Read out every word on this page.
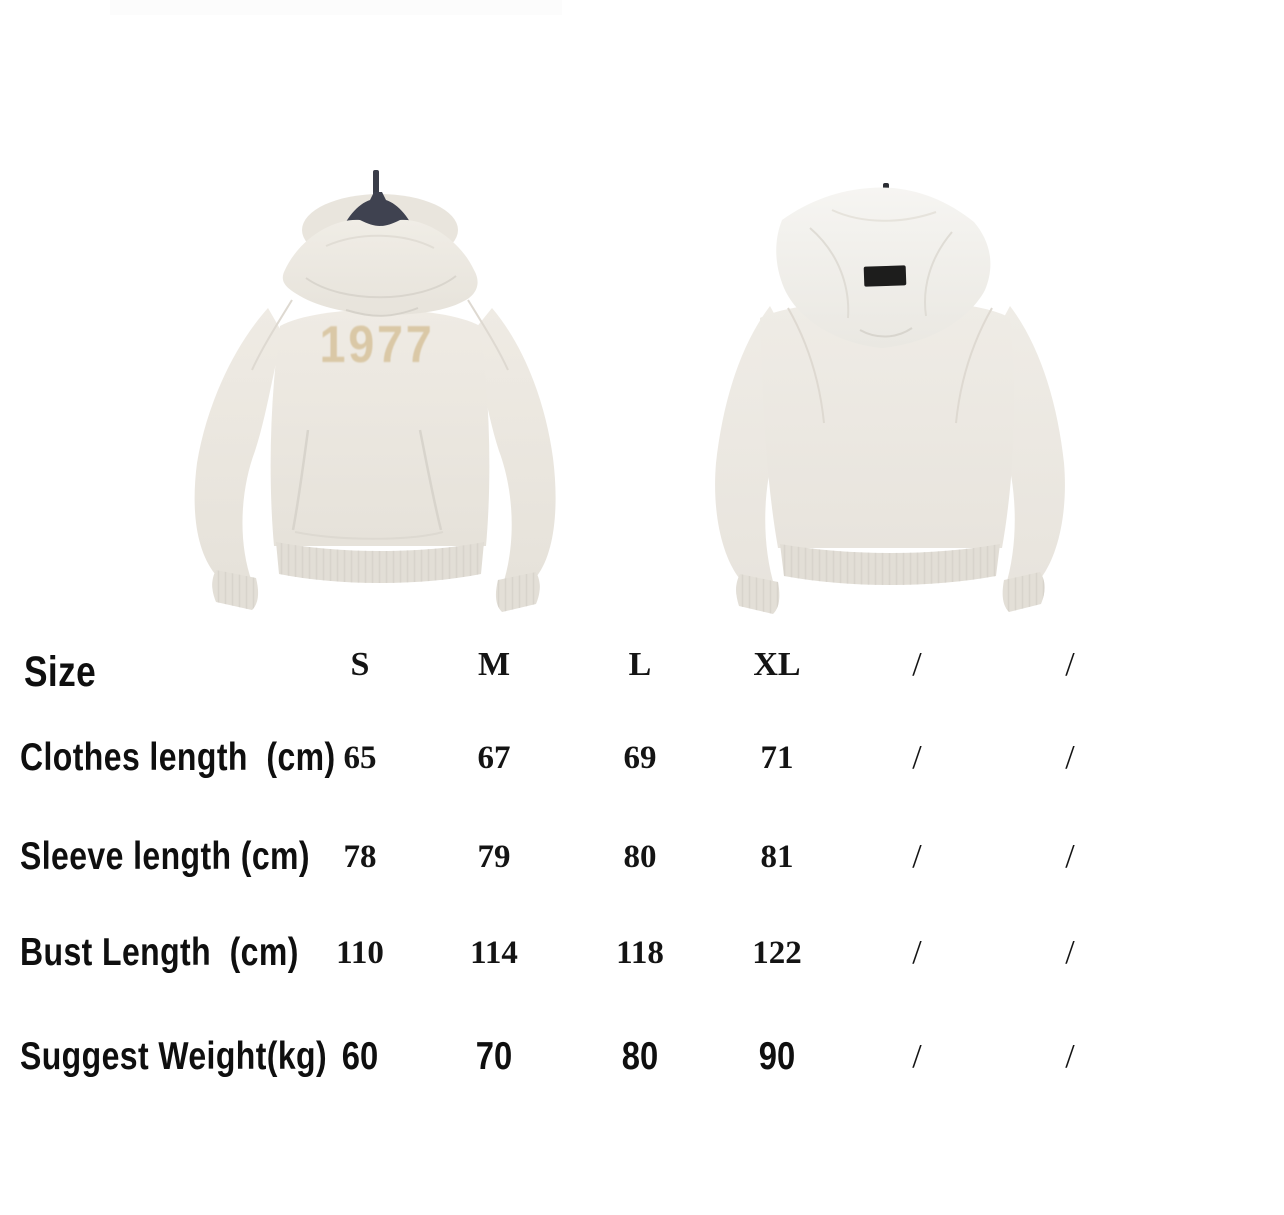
1977
Size	S	M	L	XL	/	/
Clothes length  (cm) 65	67	69	71	/	/
Sleeve length (cm) 78	79	80	81	/	/
Bust Length  (cm) 110	114	118	122	/	/
Suggest Weight(kg) 60	70	80	90	/	/
